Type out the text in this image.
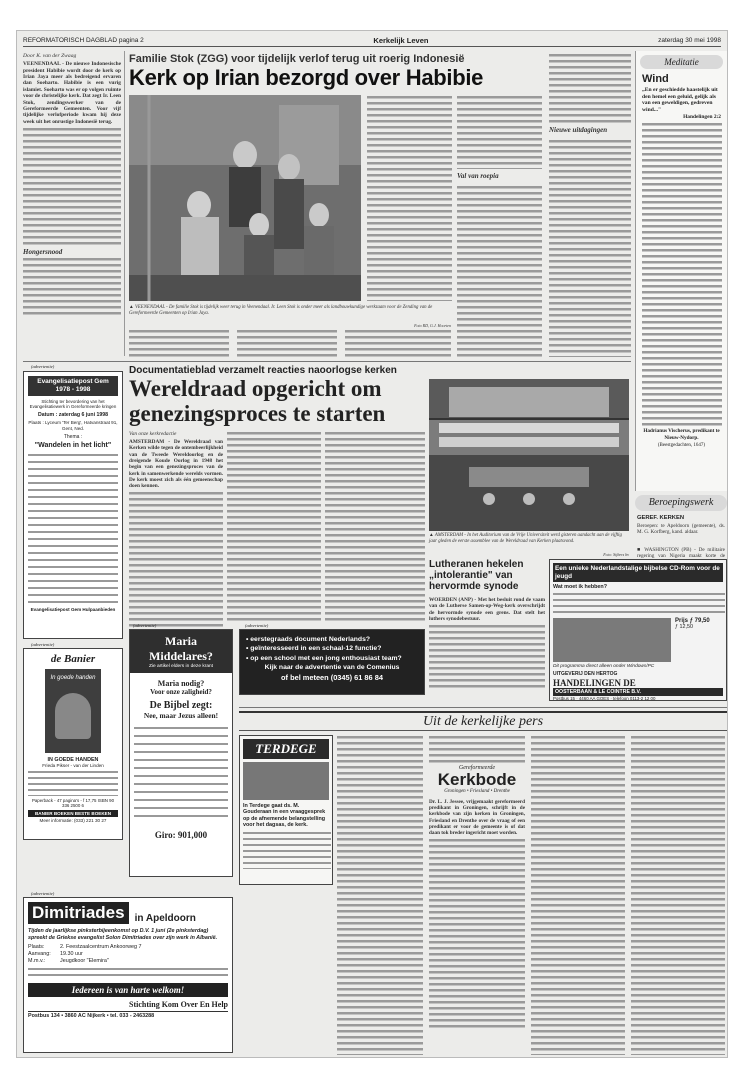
REFORMATORISCH DAGBLAD pagina 2	Kerkelijk Leven	zaterdag 30 mei 1998

Door K. van der Zwaag

VEENENDAAL - De nieuwe Indonesische president Habibie wordt door de kerk op Irian Jaya meer als bedreigend ervaren dan Soeharto. Habibie is een vurig islamiet. Soeharto was er op volgen ruimte voor de christelijke kerk. Dat zegt Ir. Leen Stok, zendingswerker van de Gereformeerde Gemeenten. Voor vijf tijdelijke verlofperiode kwam hij deze week uit het onrustige Indonesië terug.

Hongersnood
Familie Stok (ZGG) voor tijdelijk verlof terug uit roerig Indonesië
Kerk op Irian bezorgd over Habibie
Val van roepia
Nieuwe uitdagingen
▲ VEENENDAAL - De familie Stok is tijdelijk weer terug in Veenendaal. Ir. Leen Stok is onder meer als landbouwkundige werkzaam voor de Zending van de Gereformeerde Gemeenten op Irian Jaya.
Foto RD, G.J. Hoorten
Meditatie
Wind
„En er geschiedde haastelijk uit den hemel een geluid, gelijk als van een geweldigen, gedreven wind..."
Handelingen 2:2
Hadrianus Vischerus, predikant te Nieuw-Nydorp.
(Beestgedachten, 1647)
Beroepingswerk
GEREF. KERKEN
Beroepen: te Apeldoorn (gemeente), ds. M. G. Korfberg, kand. aldaar.
■ WASHINGTON (PB) - De militaire regering van Nigeria maakt korte de
(advertentie)
Evangelisatiepost Gem 1978 - 1998
Stichting ter bevordering van het Evangelisatiewerk in Gereformeerde kringen
Datum : zaterdag 6 juni 1998
Plaats : Lyceum 'Ter Berg', Hatvanstraat 91, Gent, Ned.
Thema :
"Wandelen in het licht"
Evangelisatiepost Gem Hulpaanbieden
(advertentie)
de Banier
In goede handen
IN GOEDE HANDEN
Frieda Pikser - van der Linden
Paperback - 47 pagina's - f 17,75 ISBN 90 336 2500 6
BANIER BOEKEN BESTE BOEKEN
Meer informatie: (033) 221 30 27
Documentatieblad verzamelt reacties naoorlogse kerken
Wereldraad opgericht om
genezingsproces te starten
▲ AMSTERDAM - In het Auditorium van de Vrije Universiteit werd gisteren aandacht aan de vijftig jaar gleden de eerste assemblee van de Wereldraad van Kerken plaatsvond.
Foto: Sijbers bv

Van onze kerkredactie

AMSTERDAM - De Wereldraad van Kerken wilde tegen de ontembeerlijkheid van de Tweede Wereldoorlog en de dreigende Koude Oorlog in 1948 het begin van een genezingsproces van de kerk in samenwerkende werelds vormen. De kerk moest zich als één gemeenschap doen kennen.

(advertentie)
Maria
Middelares?
Zie artikel elders in deze krant
Maria nodig?
Voor onze zaligheid?
De Bijbel zegt:
Nee, maar Jezus alleen!
Giro: 901,000
(advertentie)
• eerstegraads document Nederlands?
• geïnteresseerd in een schaal-12 functie?
• op een school met een jong enthousiast team?
Kijk naar de advertentie van de Comenius
of bel meteen (0345) 61 86 84
Lutheranen hekelen
„intolerantie" van
hervormde synode

WOERDEN (ANP) - Met het besluit rond de vaam van de Lutherse Samen-op-Weg-kerk overschrijdt de hervormde synode een grens. Dat stelt het luthers synodebestuur.

Een unieke Nederlandstalige bijbelse CD-Rom voor de jeugd
Wat moet ik hebben?
Prijs ƒ 79,50
ƒ 12,50
Dit programma direct alleen onder Windows/PC
UITGEVERIJ DEN HERTOG
HANDELINGEN DE
OOSTERBAAN & LE COINTRE B.V.
Postbus 15 · 4460 AA GOES · telefoon 0113-2 12 00
Uit de kerkelijke pers
TERDEGE
In Terdege gaat ds. M. Gouderaan in een vraaggesprek op de afnemende belangstelling voor het dagsas, de kerk.
Gereformeerde
Kerkbode
Groningen • Friesland • Drenthe

Dr. L. J. Jessee, vrijgemaakt gereformeerd predikant in Groningen, schrijft in de kerkbode van zijn kerken in Groningen, Friesland en Drenthe over de vraag of een predikant er voor de gemeente is of dat daan tok breder ingericht moet worden.

(advertentie)
Dimitriades	in Apeldoorn
Tijden de jaarlijkse pinksterbijeenkomst op D.V. 1 juni (2e pinksterdag) spreekt de Griekse evangelist Solon Dimitriades over zijn werk in Albanië.
Plaats:	2. Feestzaalcentrum Ankoorweg 7
Aanvang:	19.30 uur
M.m.v.:	Jeugdkoor "Elemira"
Iedereen is van harte welkom!
Stichting Kom Over En Help
Postbus 134 • 3860 AC Nijkerk • tel. 033 - 2463288
